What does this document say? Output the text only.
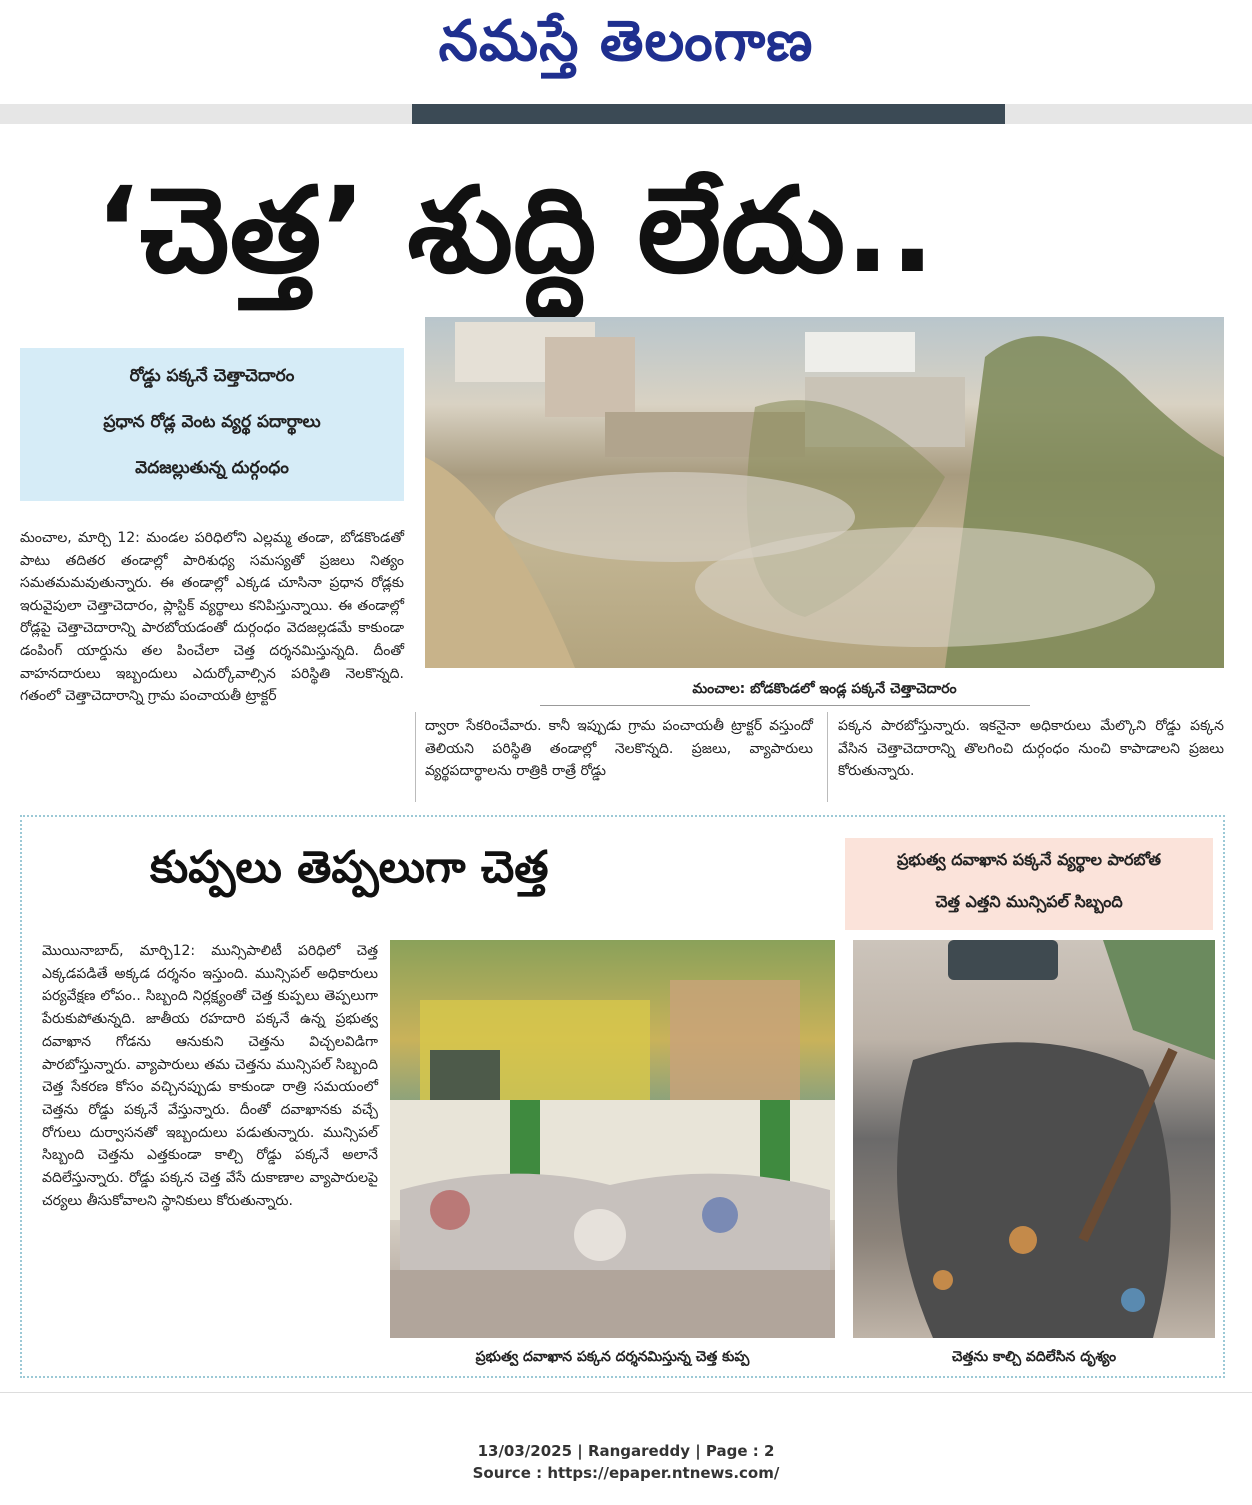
నమస్తే తెలంగాణ
‘చెత్త’ శుద్ధి లేదు..
రోడ్డు పక్కనే చెత్తాచెదారం
ప్రధాన రోడ్ల వెంట వ్యర్థ పదార్థాలు
వెదజల్లుతున్న దుర్గంధం
మంచాల: బోడకొండలో ఇండ్ల పక్కనే చెత్తాచెదారం
మంచాల, మార్చి 12: మండల పరిధిలోని ఎల్లమ్మ తండా, బోడకొండతో పాటు తదితర తండాల్లో పారిశుధ్య సమస్యతో ప్రజలు నిత్యం సమతమమవుతున్నారు. ఈ తండాల్లో ఎక్కడ చూసినా ప్రధాన రోడ్లకు ఇరువైపులా చెత్తాచెదారం, ప్లాస్టిక్ వ్యర్థాలు కనిపిస్తున్నాయి. ఈ తండాల్లో రోడ్లపై చెత్తాచెదారాన్ని పారబోయడంతో దుర్గంధం వెదజల్లడమే కాకుండా డంపింగ్ యార్డును తల పించేలా చెత్త దర్శనమిస్తున్నది. దీంతో వాహనదారులు ఇబ్బందులు ఎదుర్కోవాల్సిన పరిస్థితి నెలకొన్నది. గతంలో చెత్తాచెదారాన్ని గ్రామ పంచాయతీ ట్రాక్టర్
ద్వారా సేకరించేవారు. కానీ ఇప్పుడు గ్రామ పంచాయతీ ట్రాక్టర్ వస్తుందో తెలియని పరిస్థితి తండాల్లో నెలకొన్నది. ప్రజలు, వ్యాపారులు వ్యర్థపదార్థాలను రాత్రికి రాత్రే రోడ్డు
పక్కన పారబోస్తున్నారు. ఇకనైనా అధికారులు మేల్కొని రోడ్డు పక్కన వేసిన చెత్తాచెదారాన్ని తొలగించి దుర్గంధం నుంచి కాపాడాలని ప్రజలు కోరుతున్నారు.
కుప్పలు తెప్పలుగా చెత్త	ప్రభుత్వ దవాఖాన పక్కనే వ్యర్థాల పారబోత
చెత్త ఎత్తని మున్సిపల్ సిబ్బంది
మొయినాబాద్, మార్చి12: మున్సిపాలిటీ పరిధిలో చెత్త ఎక్కడపడితే అక్కడ దర్శనం ఇస్తుంది. మున్సిపల్ అధికారులు పర్యవేక్షణ లోపం.. సిబ్బంది నిర్లక్ష్యంతో చెత్త కుప్పలు తెప్పలుగా పేరుకుపోతున్నది. జాతీయ రహదారి పక్కనే ఉన్న ప్రభుత్వ దవాఖాన గోడను ఆనుకుని చెత్తను విచ్చలవిడిగా పారబోస్తున్నారు. వ్యాపారులు తమ చెత్తను మున్సిపల్ సిబ్బంది చెత్త సేకరణ కోసం వచ్చినప్పుడు కాకుండా రాత్రి సమయంలో చెత్తను రోడ్డు పక్కనే వేస్తున్నారు. దీంతో దవాఖానకు వచ్చే రోగులు దుర్వాసనతో ఇబ్బందులు పడుతున్నారు. మున్సిపల్ సిబ్బంది చెత్తను ఎత్తకుండా కాల్చి రోడ్డు పక్కనే అలానే వదిలేస్తున్నారు. రోడ్డు పక్కన చెత్త వేసే దుకాణాల వ్యాపారులపై చర్యలు తీసుకోవాలని స్థానికులు కోరుతున్నారు.
ప్రభుత్వ దవాఖాన పక్కన దర్శనమిస్తున్న చెత్త కుప్ప	చెత్తను కాల్చి వదిలేసిన దృశ్యం
13/03/2025 | Rangareddy | Page : 2
Source : https://epaper.ntnews.com/
